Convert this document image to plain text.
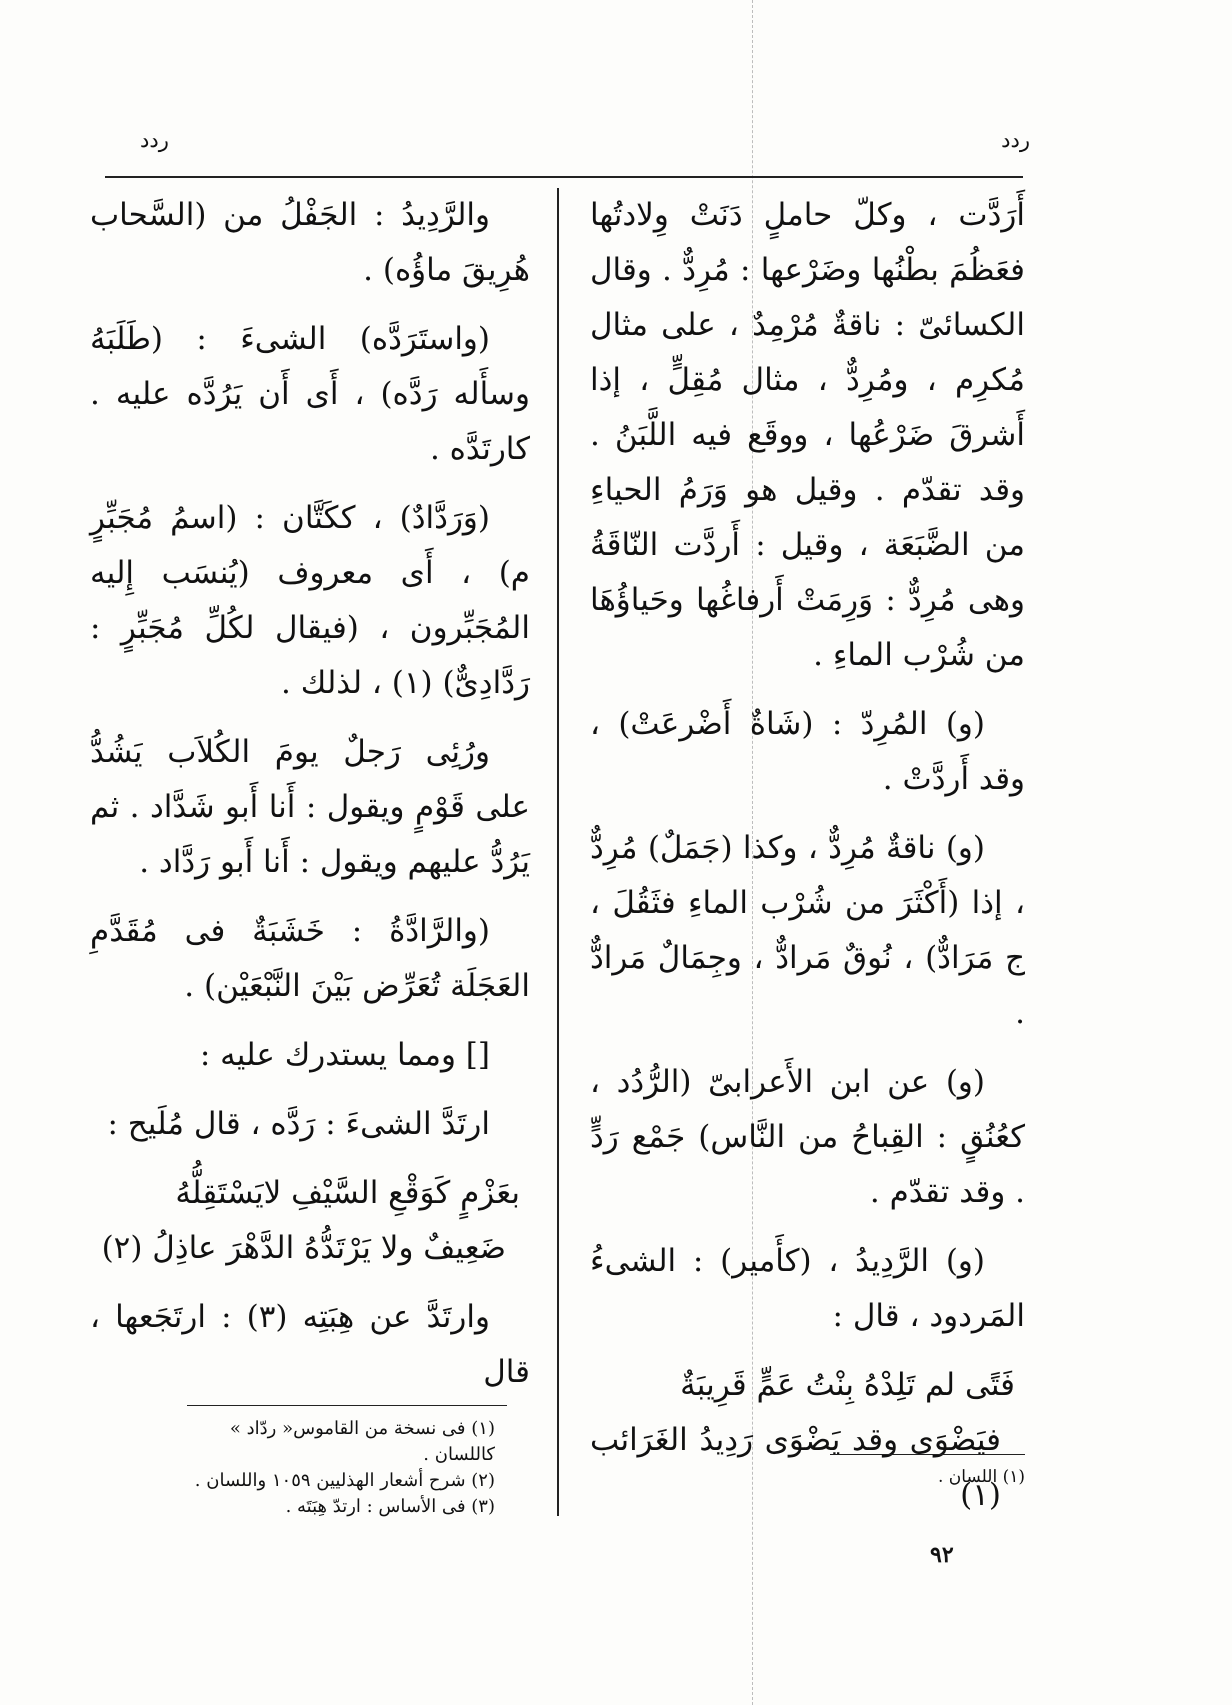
ردد
ردد

أَرَدَّت ، وكلّ حاملٍ دَنَتْ وِلادتُها فعَظُمَ بطْنُها وضَرْعها : مُرِدٌّ . وقال الكسائىّ : ناقةٌ مُرْمِدٌ ، على مثال مُكرِم ، ومُرِدٌّ ، مثال مُقِلٍّ ، إذا أَشرقَ ضَرْعُها ، ووقَع فيه اللَّبَنُ . وقد تقدّم . وقيل هو وَرَمُ الحياءِ من الضَّبَعَة ، وقيل : أَردَّت النّاقَةُ وهى مُرِدٌّ : وَرِمَتْ أَرفاغُها وحَياؤُهَا من شُرْب الماءِ .

(و) المُرِدّ : (شَاةٌ أَضْرعَتْ) ، وقد أَردَّتْ .

(و) ناقةٌ مُرِدٌّ ، وكذا (جَمَلٌ) مُرِدٌّ ، إذا (أَكْثَرَ من شُرْب الماءِ فثَقُلَ ، ج مَرَادٌّ) ، نُوقٌ مَرادٌّ ، وجِمَالٌ مَرادٌّ .

(و) عن ابن الأَعرابىّ (الرُّدُد ، كعُنُقٍ : القِباحُ من النَّاس) جَمْع رَدٍّ . وقد تقدّم .

(و) الرَّدِيدُ ، (كأَمير) : الشىءُ المَردود ، قال :

فَتًى لم تَلِدْهُ بِنْتُ عَمٍّ قَرِيبَةٌ
فيَضْوَى وقد يَضْوَى رَدِيدُ الغَرَائب (١)

والرَّدِيدُ : الجَفْلُ من (السَّحاب هُرِيقَ ماؤُه) .

(واستَرَدَّه) الشىءَ : (طَلَبَهُ وسأَله رَدَّه) ، أَى أَن يَرُدَّه عليه . كارتَدَّه .

(وَرَدَّادٌ) ، ككَتَّان : (اسمُ مُجَبِّرٍ م) ، أَى معروف (يُنسَب إِليه المُجَبِّرون ، (فيقال لكُلِّ مُجَبِّرٍ : رَدَّادِىٌّ) (١) ، لذلك .

ورُئِى رَجلٌ يومَ الكُلاَب يَشُدُّ على قَوْمٍ ويقول : أَنا أَبو شَدَّاد . ثم يَرُدُّ عليهم ويقول : أَنا أَبو رَدَّاد .

(والرَّادَّةُ : خَشَبَةٌ فى مُقَدَّمِ العَجَلَة تُعَرِّض بَيْنَ النَّبْعَيْن) .

[] ومما يستدرك عليه :

ارتَدَّ الشىءَ : رَدَّه ، قال مُلَيح :

بعَزْمٍ كَوَقْعِ السَّيْفِ لايَسْتَقِلُّهُ
ضَعِيفٌ ولا يَرْتَدُّهُ الدَّهْرَ عاذِلُ (٢)

وارتَدَّ عن هِبَتِه (٣) : ارتَجَعها ، قال

(١) فى نسخة من القاموس« ردّاد » كاللسان .
(٢) شرح أشعار الهذليين ١٠٥٩ واللسان .
(٣) فى الأساس : ارتدّ هِبَتَه .
(١) اللسان .
٩٢
